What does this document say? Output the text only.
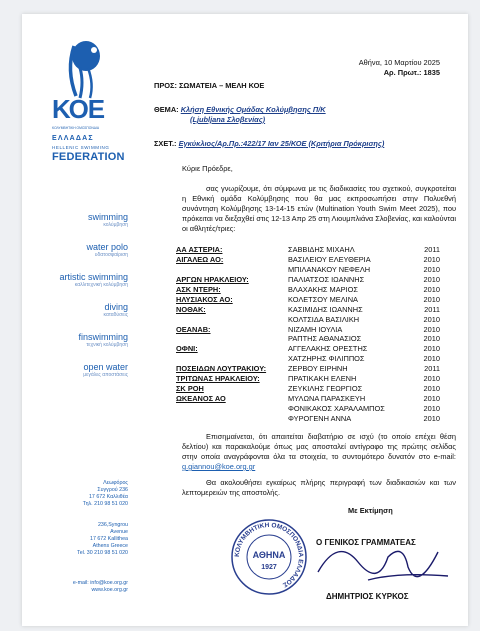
ΚΟΕ
ΚΟΛΥΜΒΗΤΙΚΗ ΟΜΟΣΠΟΝΔΙΑ
ΕΛΛΑΔΑΣ
HELLENIC SWIMMING
FEDERATION
swimming
κολύμβηση
water polo
υδατοσφαίριση
artistic swimming
καλλιτεχνική κολύμβηση
diving
καταδύσεις
finswimming
τεχνική κολύμβηση
open water
μεγάλες αποστάσεις
Λεωφόρος
Συγγρού 236
17 672 Καλλιθέα
Τηλ. 210 98 51 020
236,Syngrou
Avenue
17 672 Kallithea
Athens Greece
Tel. 30 210 98 51 020
e-mail: info@koe.org.gr
www.koe.org.gr
Αθήνα, 10 Μαρτίου 2025
Αρ. Πρωτ.: 1835
ΠΡΟΣ: ΣΩΜΑΤΕΙΑ – ΜΕΛΗ ΚΟΕ
ΘΕΜΑ: Κλήση Εθνικής Ομάδας Κολύμβησης Π/Κ
(Ljubljana Σλοβενίας)
ΣΧΕΤ.: Εγκύκλιος/Αρ.Πρ.:422/17 Ιαν 25/ΚΟΕ (Κριτήρια Πρόκρισης)
Κύριε Πρόεδρε,
σας γνωρίζουμε, ότι σύμφωνα με τις διαδικασίες του σχετικού, συγκροτείται η Εθνική ομάδα Κολύμβησης που θα μας εκπροσωπήσει στην Πολυεθνή συνάντηση Κολύμβησης 13-14-15 ετών (Multination Youth Swim Meet 2025), που πρόκειται να διεξαχθεί στις 12-13 Απρ 25 στη Λιουμπλιάνα Σλοβενίας, και καλούνται οι αθλητές/τριες:
ΑΑ ΑΣΤΕΡΙΑ:	ΣΑΒΒΙΔΗΣ ΜΙΧΑΗΛ	2011
ΑΙΓΑΛΕΩ ΑΟ:	ΒΑΣΙΛΕΙΟΥ ΕΛΕΥΘΕΡΙΑ	2010
ΜΠΙΛΑΝΑΚΟΥ ΝΕΦΕΛΗ	2010
ΑΡΓΩΝ ΗΡΑΚΛΕΙΟΥ:	ΠΑΛΙΑΤΣΟΣ ΙΩΑΝΝΗΣ	2010
ΑΣΚ ΝΤΕΡΗ:	ΒΛΑΧΑΚΗΣ ΜΑΡΙΟΣ	2010
ΗΛΥΣΙΑΚΟΣ ΑΟ:	ΚΟΛΕΤΣΟΥ ΜΕΛΙΝΑ	2010
ΝΟΘΑΚ:	ΚΑΣΙΜΙΔΗΣ ΙΩΑΝΝΗΣ	2011
ΚΟΛΤΣΙΔΑ ΒΑΣΙΛΙΚΗ	2010
ΟΕΑΝΑΒ:	ΝΙΖΑΜΗ ΙΟΥΛΙΑ	2010
ΡΑΠΤΗΣ ΑΘΑΝΑΣΙΟΣ	2010
ΟΦΝΙ:	ΑΓΓΕΛΑΚΗΣ ΟΡΕΣΤΗΣ	2010
ΧΑΤΖΗΡΗΣ ΦΙΛΙΠΠΟΣ	2010
ΠΟΣΕΙΔΩΝ ΛΟΥΤΡΑΚΙΟΥ:	ΖΕΡΒΟΥ ΕΙΡΗΝΗ	2011
ΤΡΙΤΩΝΑΣ ΗΡΑΚΛΕΙΟΥ:	ΠΡΑΤΙΚΑΚΗ ΕΛΕΝΗ	2010
ΣΚ ΡΟΗ	ΖΕΥΚΙΛΗΣ ΓΕΩΡΓΙΟΣ	2010
ΩΚΕΑΝΟΣ ΑΟ	ΜΥΛΩΝΑ ΠΑΡΑΣΚΕΥΗ	2010
ΦΟΝΙΚΑΚΟΣ ΧΑΡΑΛΑΜΠΟΣ	2010
ΦΥΡΟΓΕΝΗ ΑΝΝΑ	2010
Επισημαίνεται, ότι απαιτείται διαβατήριο σε ισχύ (το οποίο επέχει θέση δελτίου) και παρακαλούμε όπως μας αποσταλεί αντίγραφο της πρώτης σελίδας στην οποία αναγράφονται όλα τα στοιχεία, το συντομότερο δυνατόν στο e-mail: g.giannou@koe.org.gr
Θα ακολουθήσει εγκαίρως πλήρης περιγραφή των διαδικασιών και των λεπτομερειών της αποστολής.
Με Εκτίμηση
ΚΟΛΥΜΒΗΤΙΚΗ ΟΜΟΣΠΟΝΔΙΑ ΕΛΛΑΔΟΣ
ΑΘΗΝΑ
1927
Ο ΓΕΝΙΚΟΣ ΓΡΑΜΜΑΤΕΑΣ
ΔΗΜΗΤΡΙΟΣ ΚΥΡΚΟΣ
